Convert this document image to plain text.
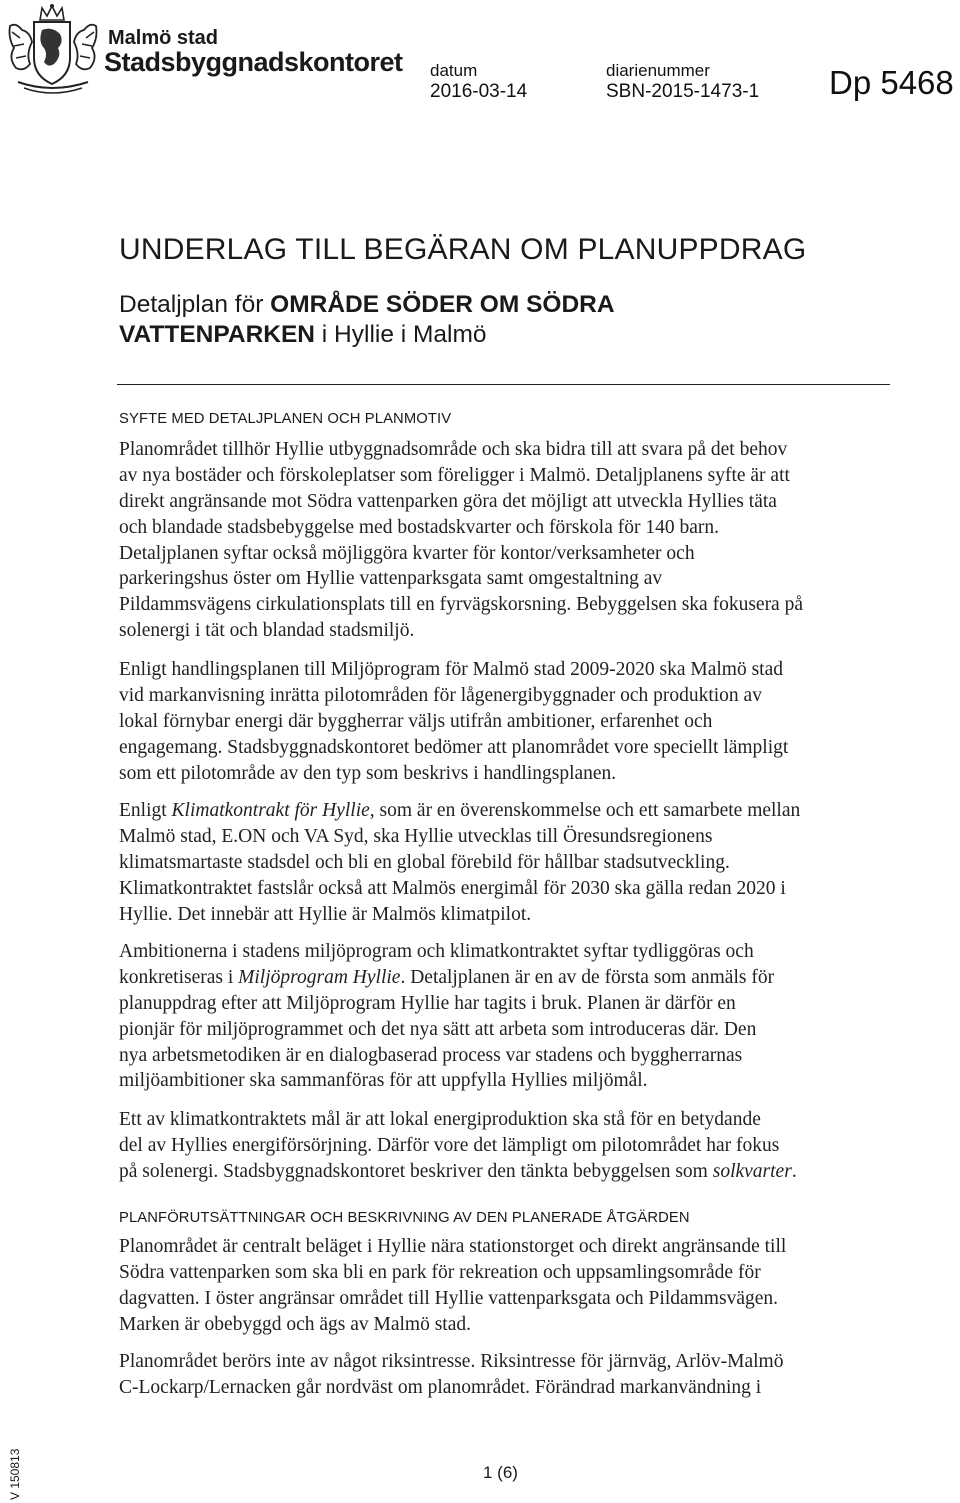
Malmö stad
Stadsbyggnadskontoret datum
2016-03-14
diarienummer
SBN-2015-1473-1 Dp 5468
UNDERLAG TILL BEGÄRAN OM PLANUPPDRAG
Detaljplan för OMRÅDE SÖDER OM SÖDRA
VATTENPARKEN i Hyllie i Malmö
SYFTE MED DETALJPLANEN OCH PLANMOTIV
Planområdet tillhör Hyllie utbyggnadsområde och ska bidra till att svara på det behov
av nya bostäder och förskoleplatser som föreligger i Malmö. Detaljplanens syfte är att
direkt angränsande mot Södra vattenparken göra det möjligt att utveckla Hyllies täta
och blandade stadsbebyggelse med bostadskvarter och förskola för 140 barn.
Detaljplanen syftar också möjliggöra kvarter för kontor/verksamheter och
parkeringshus öster om Hyllie vattenparksgata samt omgestaltning av
Pildammsvägens cirkulationsplats till en fyrvägskorsning. Bebyggelsen ska fokusera på
solenergi i tät och blandad stadsmiljö.
Enligt handlingsplanen till Miljöprogram för Malmö stad 2009-2020 ska Malmö stad
vid markanvisning inrätta pilotområden för lågenergibyggnader och produktion av
lokal förnybar energi där byggherrar väljs utifrån ambitioner, erfarenhet och
engagemang. Stadsbyggnadskontoret bedömer att planområdet vore speciellt lämpligt
som ett pilotområde av den typ som beskrivs i handlingsplanen.
Enligt Klimatkontrakt för Hyllie, som är en överenskommelse och ett samarbete mellan
Malmö stad, E.ON och VA Syd, ska Hyllie utvecklas till Öresundsregionens
klimatsmartaste stadsdel och bli en global förebild för hållbar stadsutveckling.
Klimatkontraktet fastslår också att Malmös energimål för 2030 ska gälla redan 2020 i
Hyllie. Det innebär att Hyllie är Malmös klimatpilot.
Ambitionerna i stadens miljöprogram och klimatkontraktet syftar tydliggöras och
konkretiseras i Miljöprogram Hyllie. Detaljplanen är en av de första som anmäls för
planuppdrag efter att Miljöprogram Hyllie har tagits i bruk. Planen är därför en
pionjär för miljöprogrammet och det nya sätt att arbeta som introduceras där. Den
nya arbetsmetodiken är en dialogbaserad process var stadens och byggherrarnas
miljöambitioner ska sammanföras för att uppfylla Hyllies miljömål.
Ett av klimatkontraktets mål är att lokal energiproduktion ska stå för en betydande
del av Hyllies energiförsörjning. Därför vore det lämpligt om pilotområdet har fokus
på solenergi. Stadsbyggnadskontoret beskriver den tänkta bebyggelsen som solkvarter.
PLANFÖRUTSÄTTNINGAR OCH BESKRIVNING AV DEN PLANERADE ÅTGÄRDEN
Planområdet är centralt beläget i Hyllie nära stationstorget och direkt angränsande till
Södra vattenparken som ska bli en park för rekreation och uppsamlingsområde för
dagvatten. I öster angränsar området till Hyllie vattenparksgata och Pildammsvägen.
Marken är obebyggd och ägs av Malmö stad.
Planområdet berörs inte av något riksintresse. Riksintresse för järnväg, Arlöv-Malmö
C-Lockarp/Lernacken går nordväst om planområdet. Förändrad markanvändning i
1 (6)
V 150813
